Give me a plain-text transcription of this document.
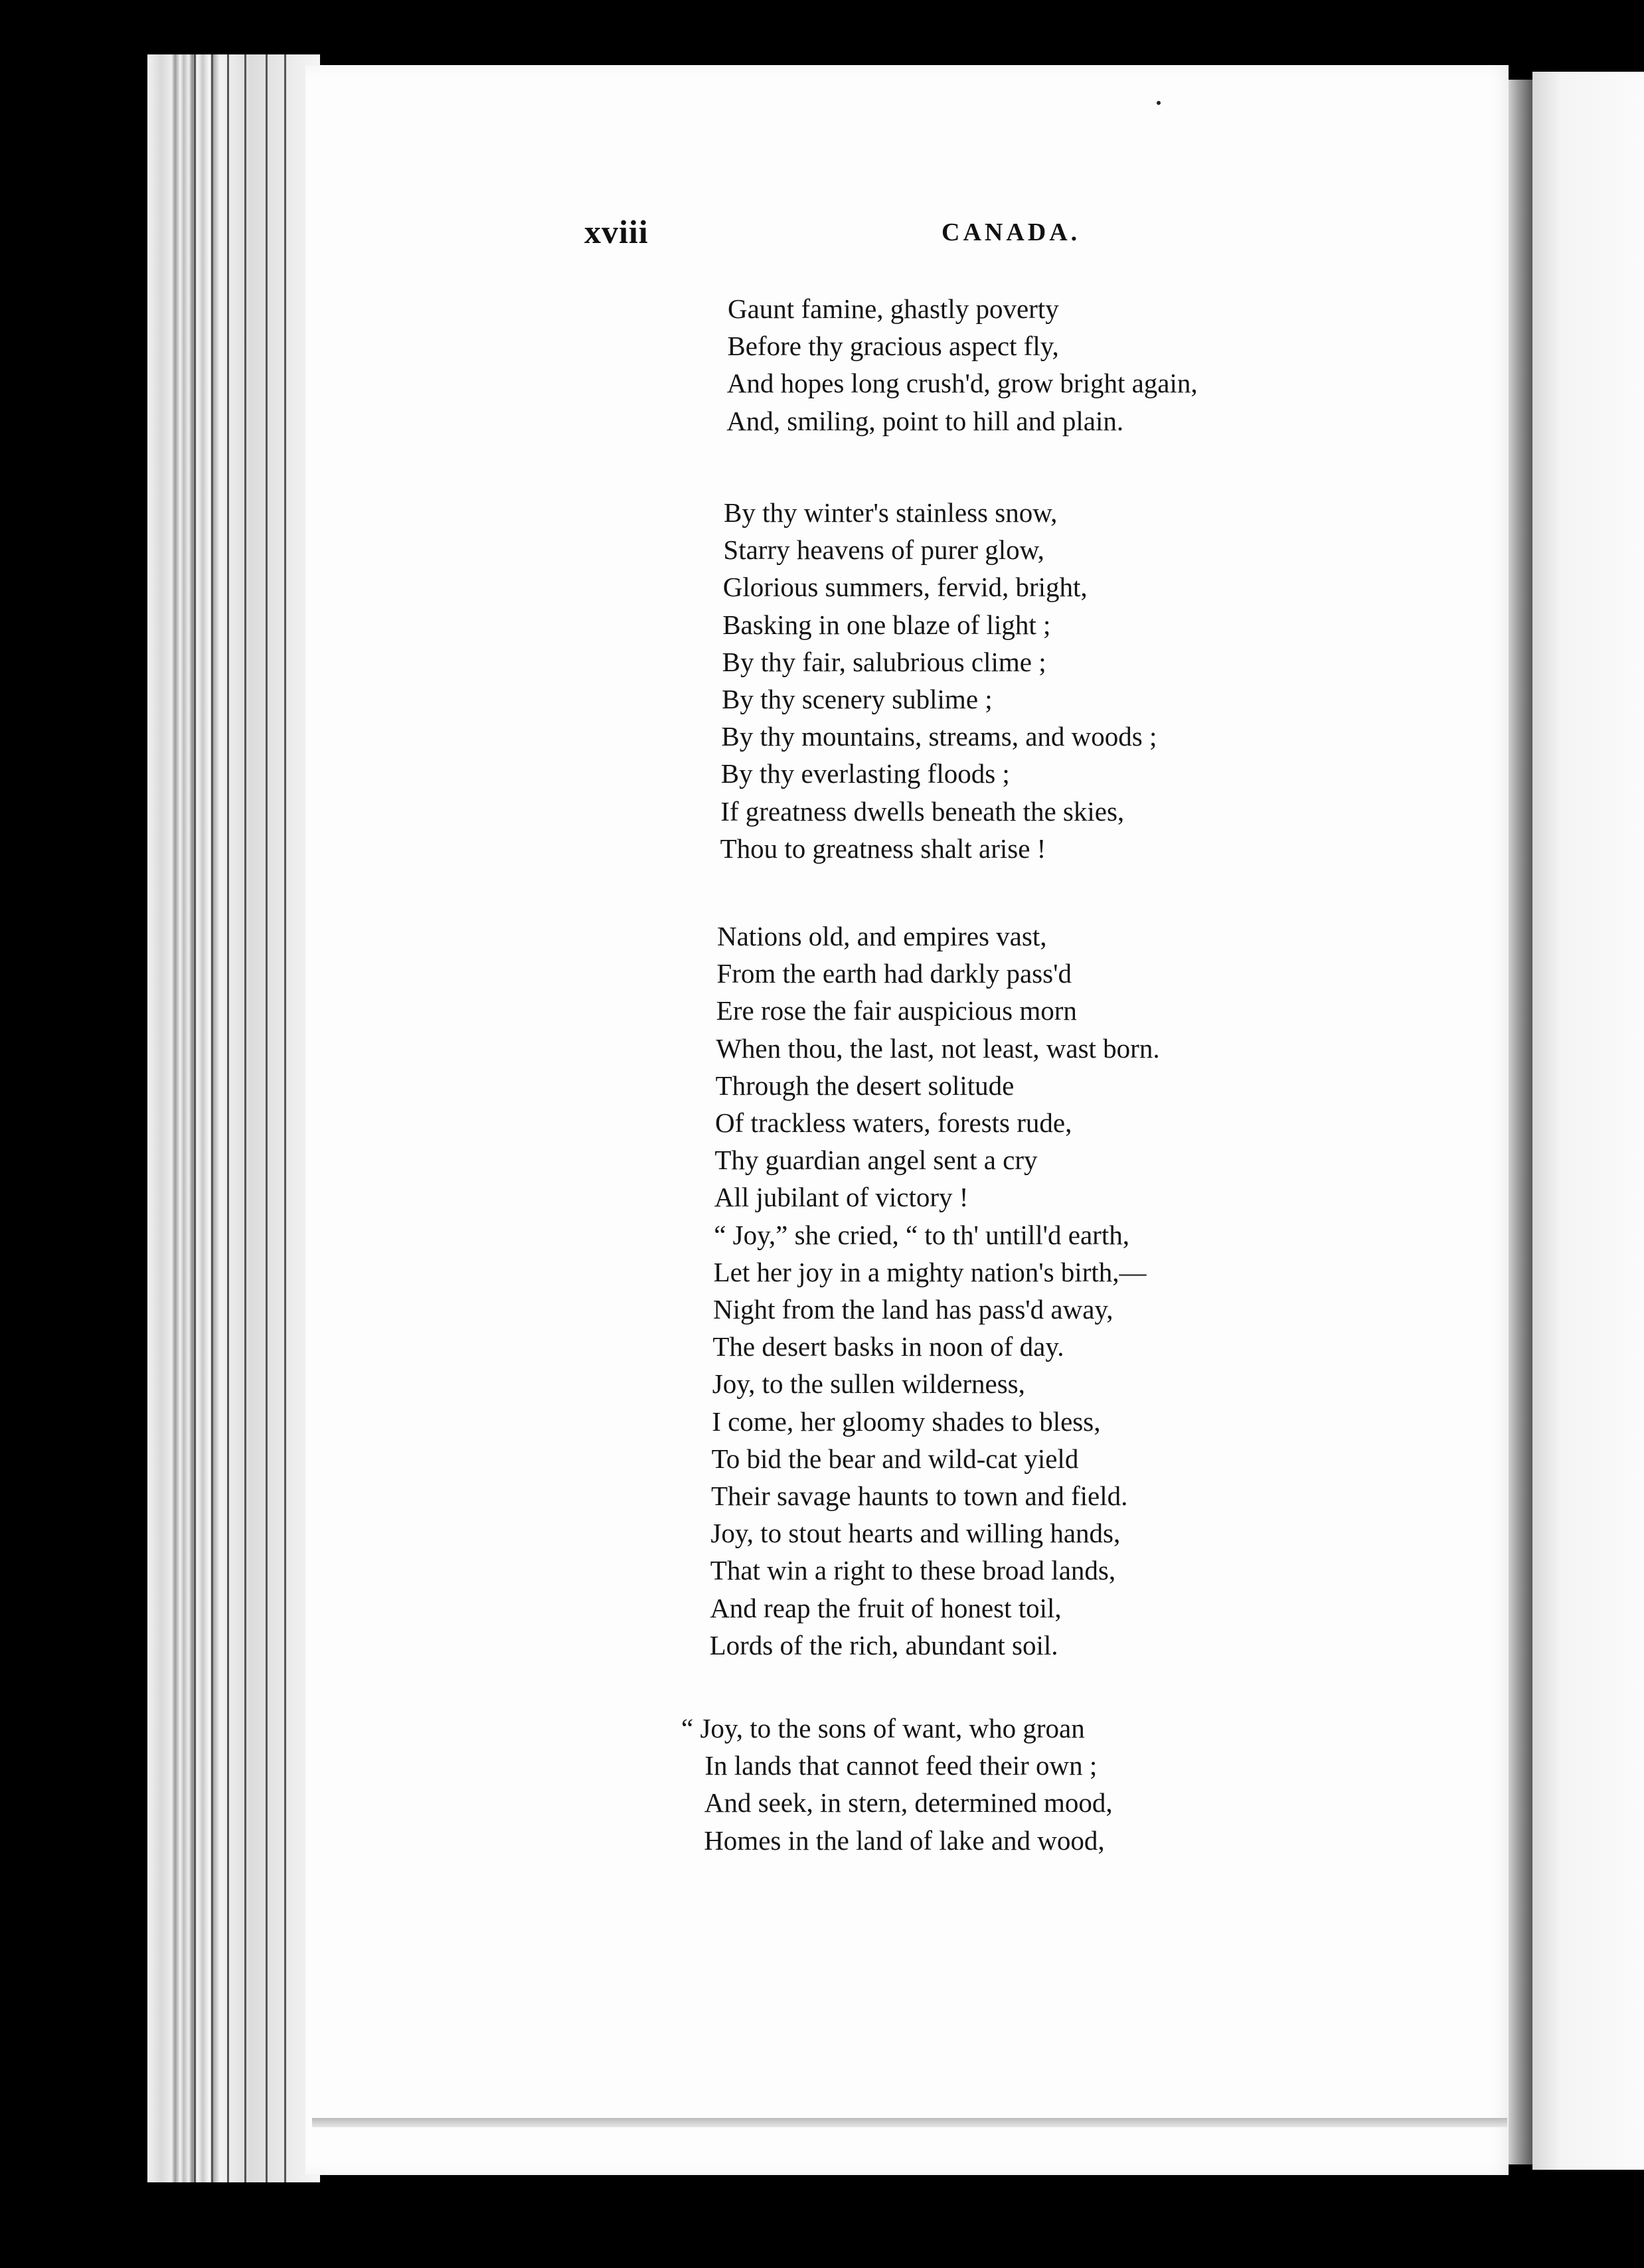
xviii	CANADA.
Gaunt famine, ghastly poverty
Before thy gracious aspect fly,
And hopes long crush'd, grow bright again,
And, smiling, point to hill and plain.
By thy winter's stainless snow,
Starry heavens of purer glow,
Glorious summers, fervid, bright,
Basking in one blaze of light ;
By thy fair, salubrious clime ;
By thy scenery sublime ;
By thy mountains, streams, and woods ;
By thy everlasting floods ;
If greatness dwells beneath the skies,
Thou to greatness shalt arise !
Nations old, and empires vast,
From the earth had darkly pass'd
Ere rose the fair auspicious morn
When thou, the last, not least, wast born.
Through the desert solitude
Of trackless waters, forests rude,
Thy guardian angel sent a cry
All jubilant of victory !
“ Joy,” she cried, “ to th' untill'd earth,
Let her joy in a mighty nation's birth,—
Night from the land has pass'd away,
The desert basks in noon of day.
Joy, to the sullen wilderness,
I come, her gloomy shades to bless,
To bid the bear and wild-cat yield
Their savage haunts to town and field.
Joy, to stout hearts and willing hands,
That win a right to these broad lands,
And reap the fruit of honest toil,
Lords of the rich, abundant soil.
“ Joy, to the sons of want, who groan
In lands that cannot feed their own ;
And seek, in stern, determined mood,
Homes in the land of lake and wood,
